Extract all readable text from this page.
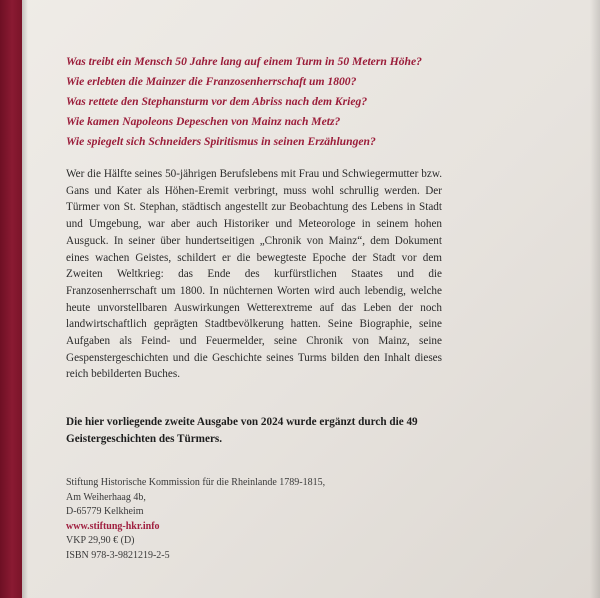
Was treibt ein Mensch 50 Jahre lang auf einem Turm in 50 Metern Höhe?
Wie erlebten die Mainzer die Franzosenherrschaft um 1800?
Was rettete den Stephansturm vor dem Abriss nach dem Krieg?
Wie kamen Napoleons Depeschen von Mainz nach Metz?
Wie spiegelt sich Schneiders Spiritismus in seinen Erzählungen?
Wer die Hälfte seines 50-jährigen Berufslebens mit Frau und Schwiegermutter bzw. Gans und Kater als Höhen-Eremit verbringt, muss wohl schrullig werden. Der Türmer von St. Stephan, städtisch angestellt zur Beobachtung des Lebens in Stadt und Umgebung, war aber auch Historiker und Meteorologe in seinem hohen Ausguck. In seiner über hundertseitigen „Chronik von Mainz“, dem Dokument eines wachen Geistes, schildert er die bewegteste Epoche der Stadt vor dem Zweiten Weltkrieg: das Ende des kurfürstlichen Staates und die Franzosenherrschaft um 1800. In nüchternen Worten wird auch lebendig, welche heute unvorstellbaren Auswirkungen Wetterextreme auf das Leben der noch landwirtschaftlich geprägten Stadtbevölkerung hatten. Seine Biographie, seine Aufgaben als Feind- und Feuermelder, seine Chronik von Mainz, seine Gespenstergeschichten und die Geschichte seines Turms bilden den Inhalt dieses reich bebilderten Buches.
Die hier vorliegende zweite Ausgabe von 2024 wurde ergänzt durch die 49 Geistergeschichten des Türmers.
Stiftung Historische Kommission für die Rheinlande 1789-1815,
Am Weiherhaag 4b,
D-65779 Kelkheim
www.stiftung-hkr.info
VKP 29,90 € (D)
ISBN 978-3-9821219-2-5
